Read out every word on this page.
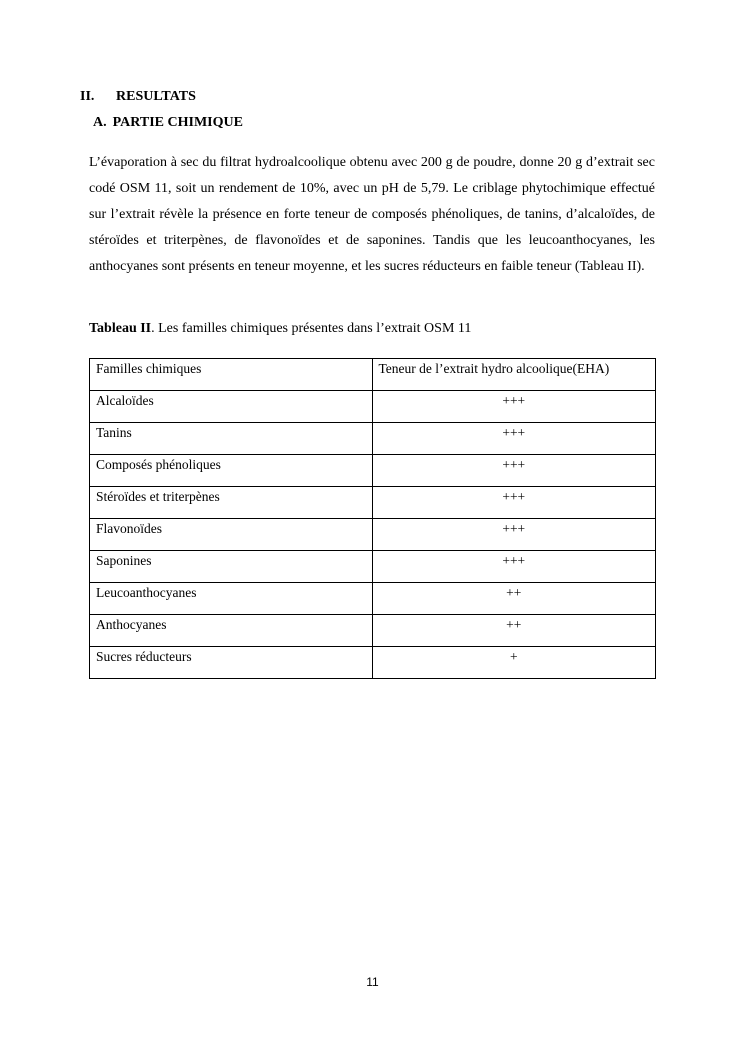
II. RESULTATS
A. PARTIE CHIMIQUE
L’évaporation à sec du filtrat hydroalcoolique obtenu avec 200 g de poudre, donne 20 g d’extrait sec codé OSM 11, soit un rendement de 10%, avec un pH de 5,79. Le criblage phytochimique effectué sur l’extrait révèle la présence en forte teneur de composés phénoliques, de tanins, d’alcaloïdes, de stéroïdes et triterpènes, de flavonoïdes et de saponines. Tandis que les leucoanthocyanes, les anthocyanes sont présents en teneur moyenne, et les sucres réducteurs en faible teneur (Tableau II).
Tableau II. Les familles chimiques présentes dans l’extrait OSM 11
Familles chimiques	Teneur de l’extrait hydro alcoolique(EHA)
Alcaloïdes	+++
Tanins	+++
Composés phénoliques	+++
Stéroïdes et triterpènes	+++
Flavonoïdes	+++
Saponines	+++
Leucoanthocyanes	++
Anthocyanes	++
Sucres réducteurs	+
11
